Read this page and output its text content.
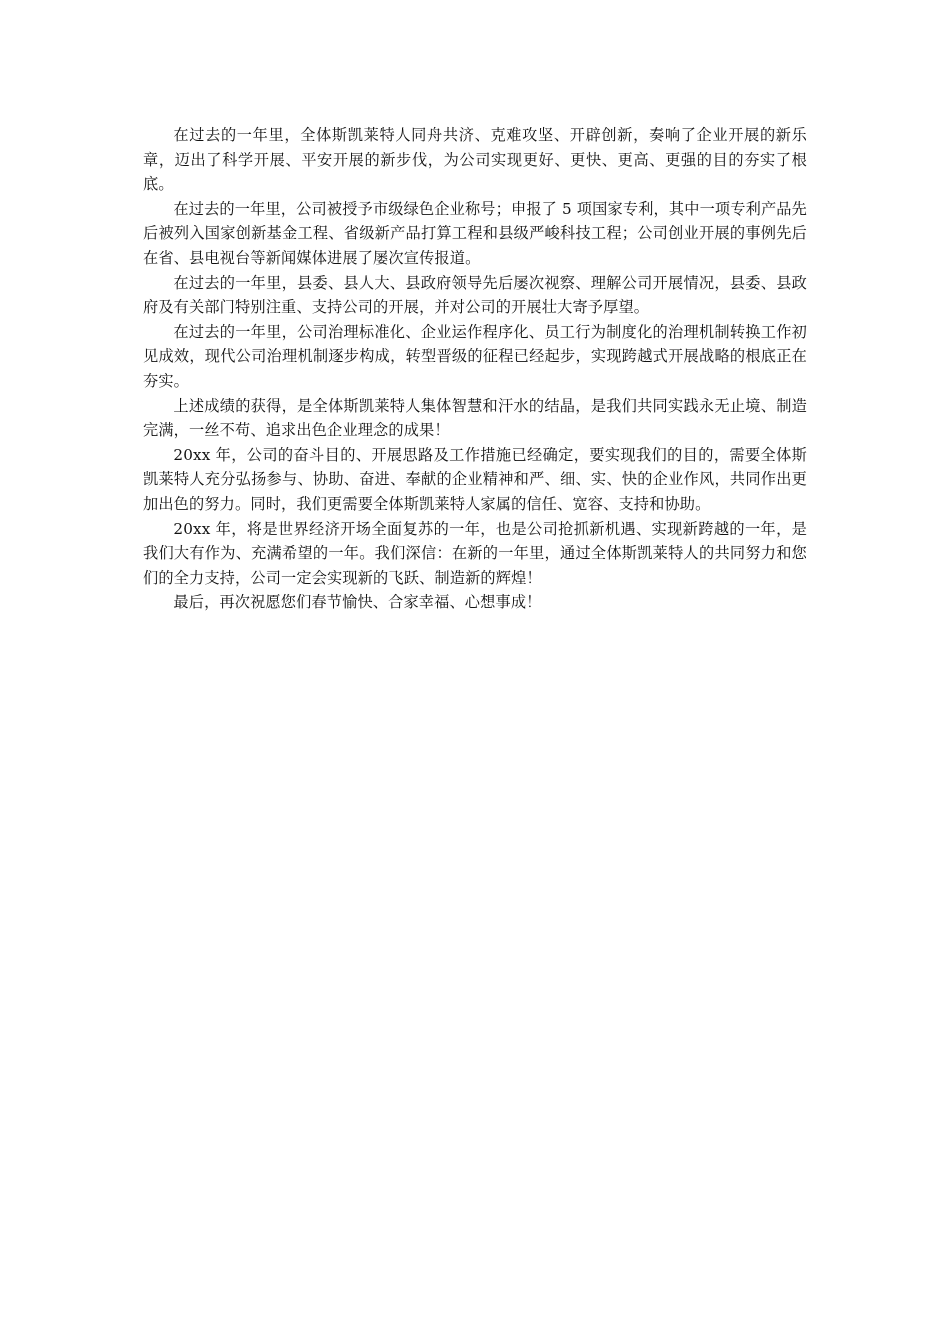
在过去的一年里，全体斯凯莱特人同舟共济、克难攻坚、开辟创新，奏响了企业开展的新乐章，迈出了科学开展、平安开展的新步伐，为公司实现更好、更快、更高、更强的目的夯实了根底。

在过去的一年里，公司被授予市级绿色企业称号；申报了 5 项国家专利，其中一项专利产品先后被列入国家创新基金工程、省级新产品打算工程和县级严峻科技工程；公司创业开展的事例先后在省、县电视台等新闻媒体进展了屡次宣传报道。

在过去的一年里，县委、县人大、县政府领导先后屡次视察、理解公司开展情况，县委、县政府及有关部门特别注重、支持公司的开展，并对公司的开展壮大寄予厚望。

在过去的一年里，公司治理标准化、企业运作程序化、员工行为制度化的治理机制转换工作初见成效，现代公司治理机制逐步构成，转型晋级的征程已经起步，实现跨越式开展战略的根底正在夯实。

上述成绩的获得，是全体斯凯莱特人集体智慧和汗水的结晶，是我们共同实践永无止境、制造完满，一丝不苟、追求出色企业理念的成果！

20xx 年，公司的奋斗目的、开展思路及工作措施已经确定，要实现我们的目的，需要全体斯凯莱特人充分弘扬参与、协助、奋进、奉献的企业精神和严、细、实、快的企业作风，共同作出更加出色的努力。同时，我们更需要全体斯凯莱特人家属的信任、宽容、支持和协助。

20xx 年，将是世界经济开场全面复苏的一年，也是公司抢抓新机遇、实现新跨越的一年，是我们大有作为、充满希望的一年。我们深信：在新的一年里，通过全体斯凯莱特人的共同努力和您们的全力支持，公司一定会实现新的飞跃、制造新的辉煌！

最后，再次祝愿您们春节愉快、合家幸福、心想事成！
